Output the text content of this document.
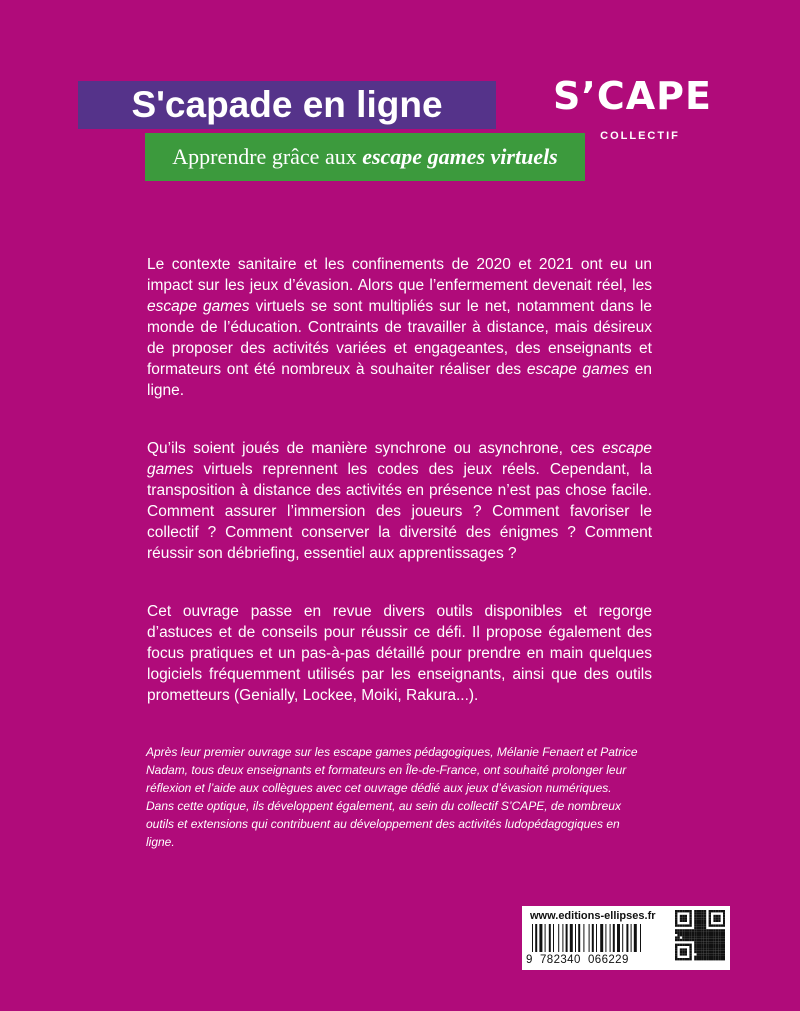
S'capade en ligne
Apprendre grâce aux escape games virtuels
S’CAPE
COLLECTIF

Le contexte sanitaire et les confinements de 2020 et 2021 ont eu un impact sur les jeux d’évasion. Alors que l’enfermement devenait réel, les escape games virtuels se sont multipliés sur le net, notamment dans le monde de l’éducation. Contraints de travailler à distance, mais désireux de proposer des activités variées et engageantes, des enseignants et formateurs ont été nombreux à souhaiter réaliser des escape games en ligne.

Qu’ils soient joués de manière synchrone ou asynchrone, ces escape games virtuels reprennent les codes des jeux réels. Cependant, la transposition à distance des activités en présence n’est pas chose facile. Comment assurer l’immersion des joueurs ? Comment favoriser le collectif ? Comment conserver la diversité des énigmes ? Comment réussir son débriefing, essentiel aux apprentissages ?

Cet ouvrage passe en revue divers outils disponibles et regorge d’astuces et de conseils pour réussir ce défi. Il propose également des focus pratiques et un pas-à-pas détaillé pour prendre en main quelques logiciels fréquemment utilisés par les enseignants, ainsi que des outils prometteurs (Genially, Lockee, Moiki, Rakura...).

Après leur premier ouvrage sur les escape games pédagogiques, Mélanie Fenaert et Patrice Nadam, tous deux enseignants et formateurs en Île-de-France, ont souhaité prolonger leur réflexion et l’aide aux collègues avec cet ouvrage dédié aux jeux d’évasion numériques. Dans cette optique, ils développent également, au sein du collectif S’CAPE, de nombreux outils et extensions qui contribuent au développement des activités ludopédagogiques en ligne.

www.editions-ellipses.fr
9 782340 066229
